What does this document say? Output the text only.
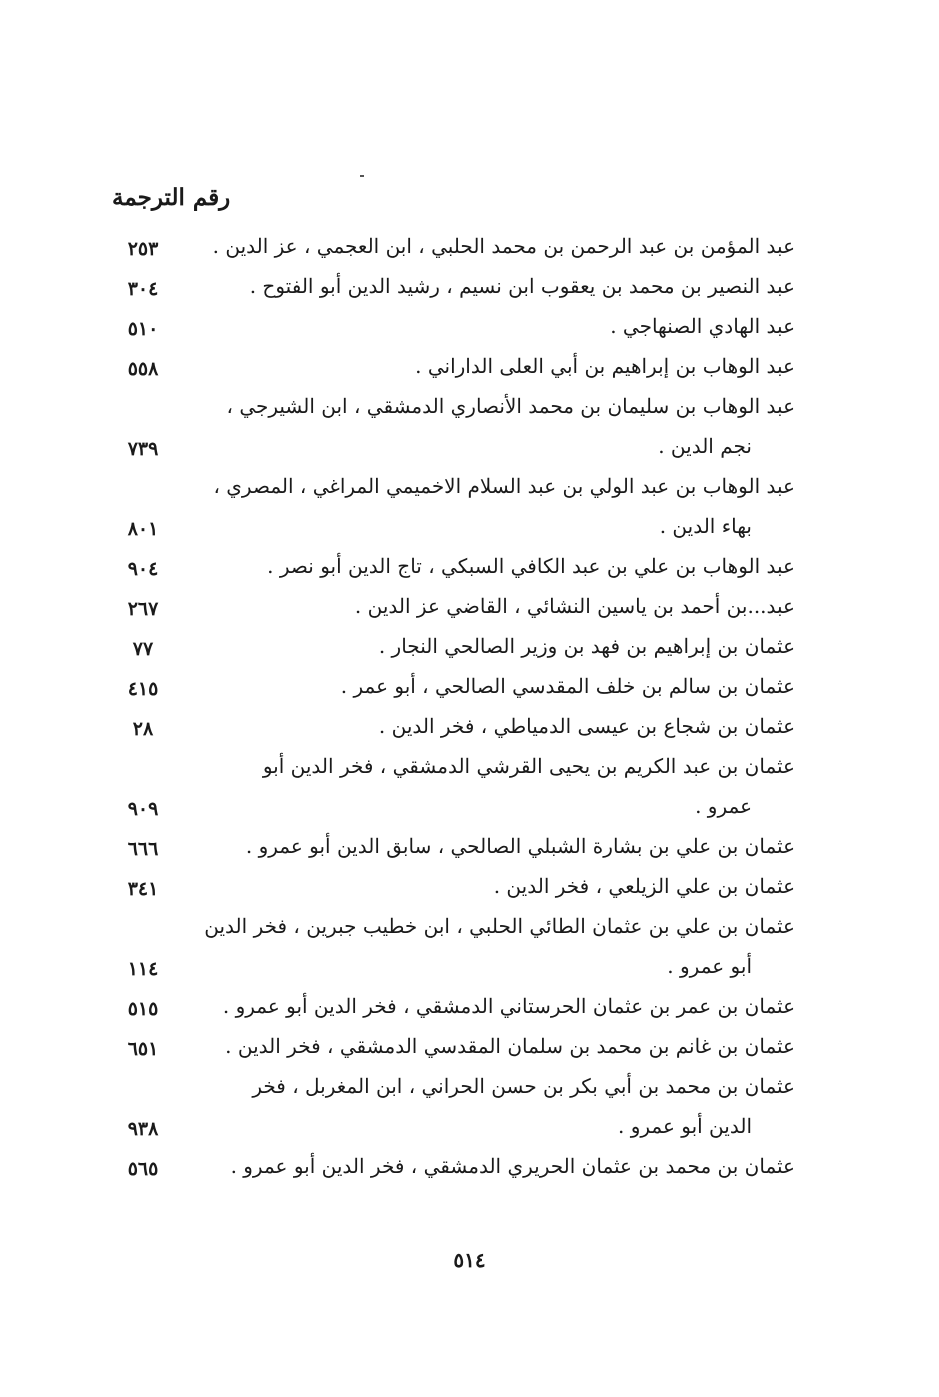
رقم الترجمة
عبد المؤمن بن عبد الرحمن بن محمد الحلبي ، ابن العجمي ، عز الدين .
٢٥٣
عبد النصير بن محمد بن يعقوب ابن نسيم ، رشيد الدين أبو الفتوح .
٣٠٤
عبد الهادي الصنهاجي .
٥١٠
عبد الوهاب بن إبراهيم بن أبي العلى الداراني .
٥٥٨
عبد الوهاب بن سليمان بن محمد الأنصاري الدمشقي ، ابن الشيرجي ،
نجم الدين .
٧٣٩
عبد الوهاب بن عبد الولي بن عبد السلام الاخميمي المراغي ، المصري ،
بهاء الدين .
٨٠١
عبد الوهاب بن علي بن عبد الكافي السبكي ، تاج الدين أبو نصر .
٩٠٤
عبد...بن أحمد بن ياسين النشائي ، القاضي عز الدين .
٢٦٧
عثمان بن إبراهيم بن فهد بن وزير الصالحي النجار .
٧٧
عثمان بن سالم بن خلف المقدسي الصالحي ، أبو عمر .
٤١٥
عثمان بن شجاع بن عيسى الدمياطي ، فخر الدين .
٢٨
عثمان بن عبد الكريم بن يحيى القرشي الدمشقي ، فخر الدين أبو
عمرو .
٩٠٩
عثمان بن علي بن بشارة الشبلي الصالحي ، سابق الدين أبو عمرو .
٦٦٦
عثمان بن علي الزيلعي ، فخر الدين .
٣٤١
عثمان بن علي بن عثمان الطائي الحلبي ، ابن خطيب جبرين ، فخر الدين
أبو عمرو .
١١٤
عثمان بن عمر بن عثمان الحرستاني الدمشقي ، فخر الدين أبو عمرو .
٥١٥
عثمان بن غانم بن محمد بن سلمان المقدسي الدمشقي ، فخر الدين .
٦٥١
عثمان بن محمد بن أبي بكر بن حسن الحراني ، ابن المغربل ، فخر
الدين أبو عمرو .
٩٣٨
عثمان بن محمد بن عثمان الحريري الدمشقي ، فخر الدين أبو عمرو .
٥٦٥
٥١٤
